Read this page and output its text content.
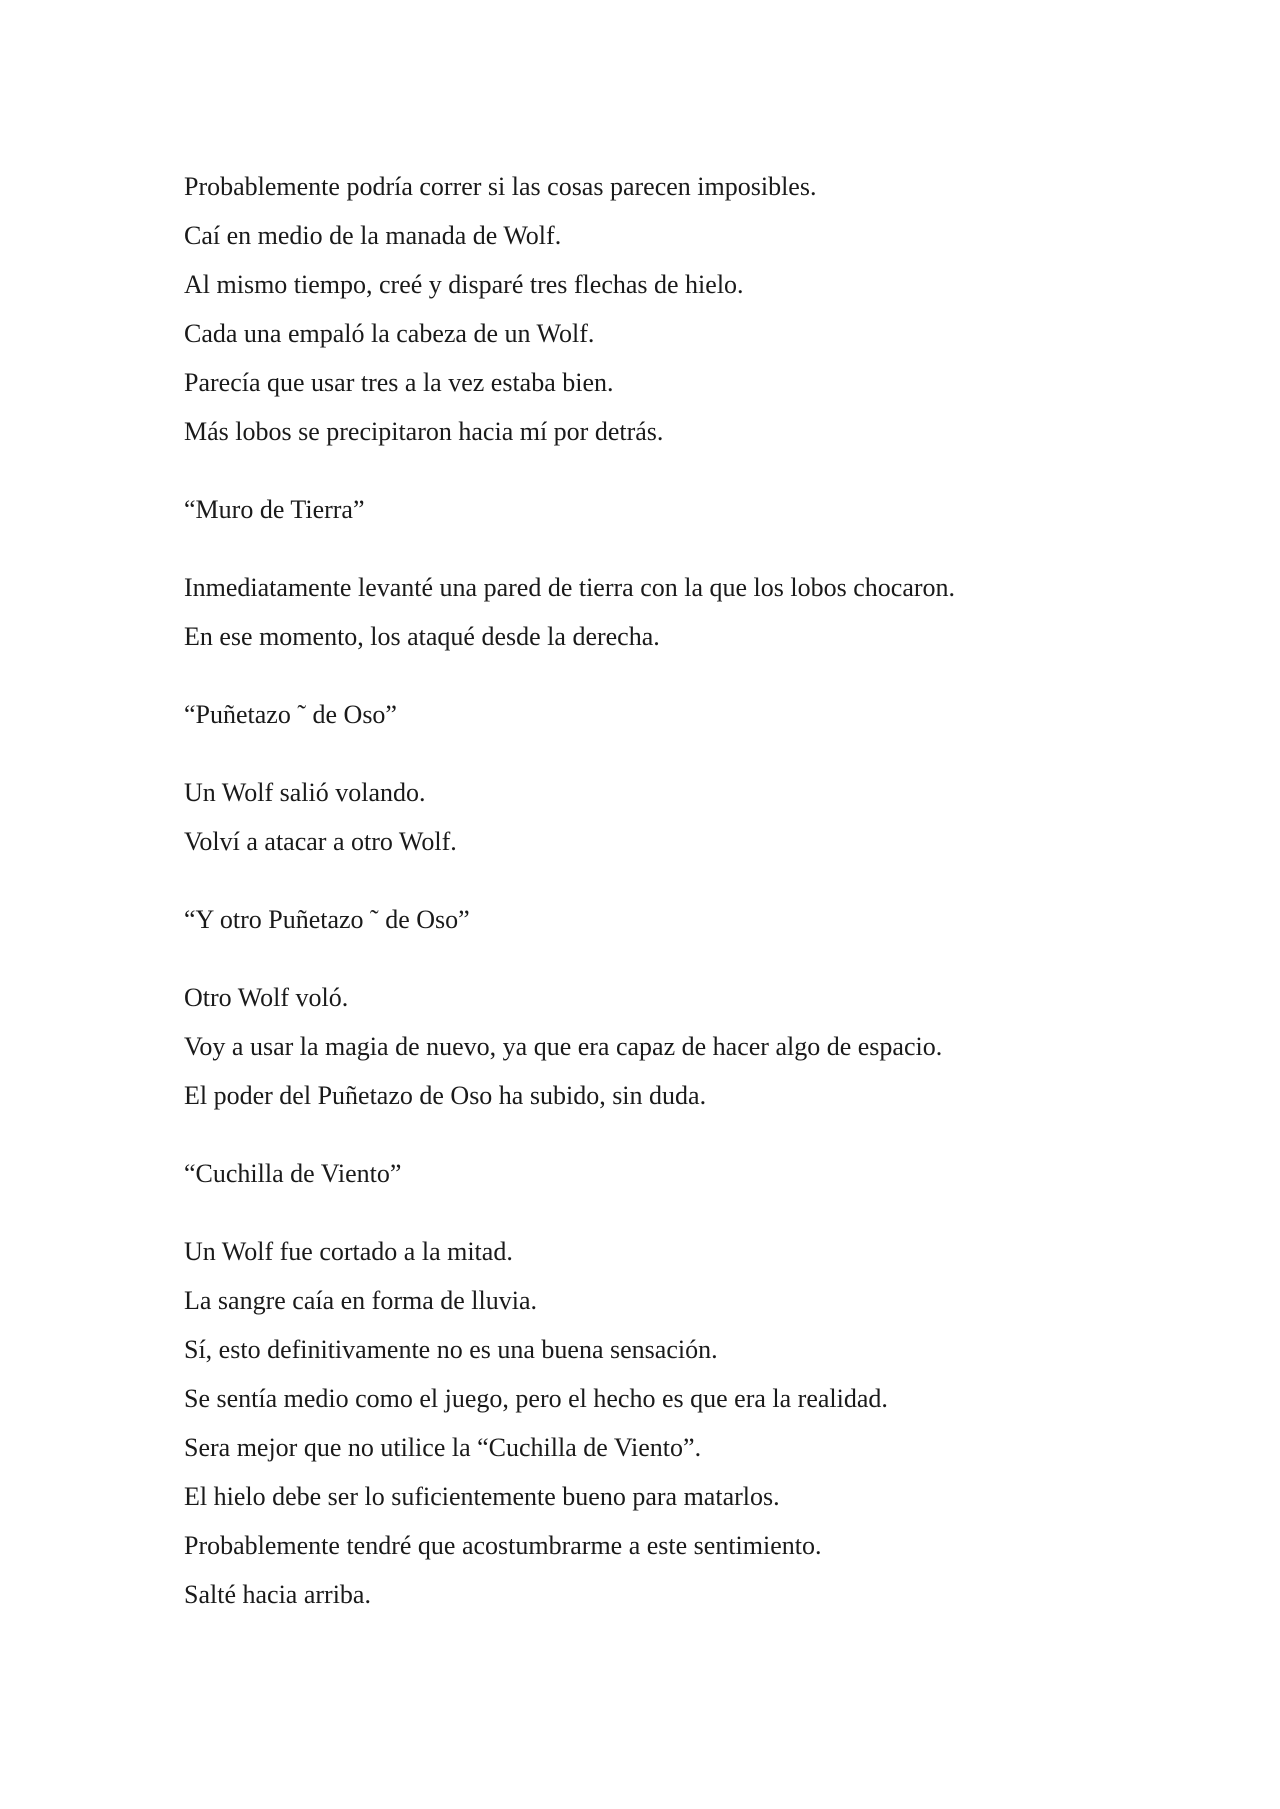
Probablemente podría correr si las cosas parecen imposibles.
Caí en medio de la manada de Wolf.
Al mismo tiempo, creé y disparé tres flechas de hielo.
Cada una empaló la cabeza de un Wolf.
Parecía que usar tres a la vez estaba bien.
Más lobos se precipitaron hacia mí por detrás.
“Muro de Tierra”
Inmediatamente levanté una pared de tierra con la que los lobos chocaron.
En ese momento, los ataqué desde la derecha.
“Puñetazo ˜ de Oso”
Un Wolf salió volando.
Volví a atacar a otro Wolf.
“Y otro Puñetazo ˜ de Oso”
Otro Wolf voló.
Voy a usar la magia de nuevo, ya que era capaz de hacer algo de espacio.
El poder del Puñetazo de Oso ha subido, sin duda.
“Cuchilla de Viento”
Un Wolf fue cortado a la mitad.
La sangre caía en forma de lluvia.
Sí, esto definitivamente no es una buena sensación.
Se sentía medio como el juego, pero el hecho es que era la realidad.
Sera mejor que no utilice la “Cuchilla de Viento”.
El hielo debe ser lo suficientemente bueno para matarlos.
Probablemente tendré que acostumbrarme a este sentimiento.
Salté hacia arriba.
